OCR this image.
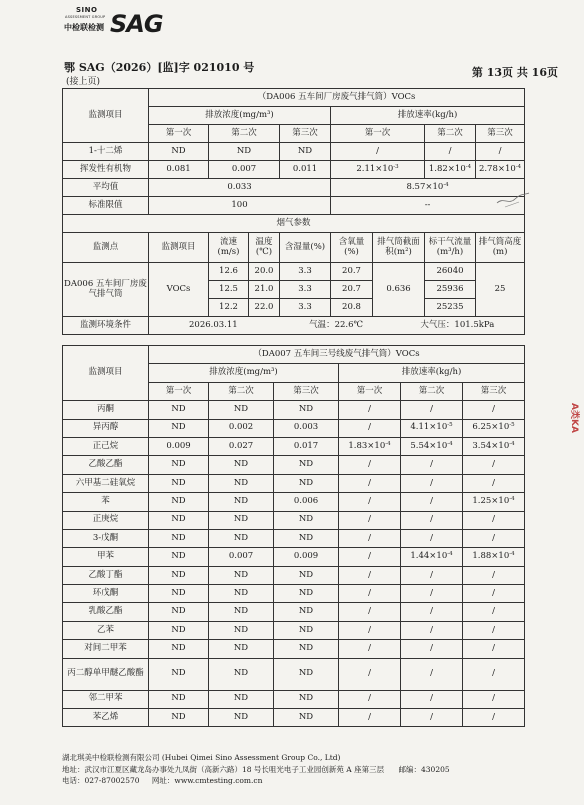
SINO
ASSESSMENT GROUP
中检联检测 SAG
鄂 SAG（2026）[监]字 021010 号	第 13页 共 16页
(接上页)
监测项目	（DA006 五车间厂房废气排气筒）VOCs							
	排放浓度(mg/m³)				排放速率(kg/h)			
	第一次	第二次		第三次	第一次		第二次	第三次
1-十二烯	ND	ND		ND	/		/	/
挥发性有机物	0.081	0.007		0.011	$2.11\times 10^{-3}$		$1.82\times 10^{-4}$	$2.78\times 10^{-4}$
平均值	0.033				$8.57\times 10^{-4}$
标准限值	100				--			
烟气参数								
监测点	监测项目	流速(m/s)	温度(℃)	含湿量(%)	含氧量(%)	排气筒截面积(m²)	标干气流量(m³/h)	排气筒高度(m)
DA006 五车间厂房废气排气筒	VOCs	12.6	20.0	3.3	20.7	0.636	26040	25
		12.5	21.0	3.3	20.7		25936	
		12.2	22.0	3.3	20.8		25235	
监测环境条件	2026.03.11 气温：22.6℃ 大气压：101.5kPa							
监测项目	（DA007 五车间三号线废气排气筒）VOCs					
	排放浓度(mg/m³)			排放速率(kg/h)		
	第一次	第二次	第三次	第一次	第二次	第三次
丙酮	ND	ND	ND	/	/	/
异丙醇	ND	0.002	0.003	/	$4.11\times 10^{-5}$	$6.25\times 10^{-5}$
正己烷	0.009	0.027	0.017	$1.83\times 10^{-4}$	$5.54\times 10^{-4}$	$3.54\times 10^{-4}$
乙酸乙酯	ND	ND	ND	/	/	/
六甲基二硅氧烷	ND	ND	ND	/	/	/
苯	ND	ND	0.006	/	/	$1.25\times 10^{-4}$
正庚烷	ND	ND	ND	/	/	/
3-戊酮	ND	ND	ND	/	/	/
甲苯	ND	0.007	0.009	/	$1.44\times 10^{-4}$	$1.88\times 10^{-4}$
乙酸丁酯	ND	ND	ND	/	/	/
环戊酮	ND	ND	ND	/	/	/
乳酸乙酯	ND	ND	ND	/	/	/
乙苯	ND	ND	ND	/	/	/
对间二甲苯	ND	ND	ND	/	/	/
丙二醇单甲醚乙酸酯	ND	ND	ND	/	/	/
邻二甲苯	ND	ND	ND	/	/	/
苯乙烯	ND	ND	ND	/	/	/
A类KA
湖北琪美中检联检测有限公司 (Hubei Qimei Sino Assessment Group Co., Ltd)
地址：武汉市江夏区藏龙岛办事处九凤街（高新六路）18 号长咀光电子工业园创新苑 A 座第三层 邮编：430205
电话：027-87002570 网址：www.cmtesting.com.cn
